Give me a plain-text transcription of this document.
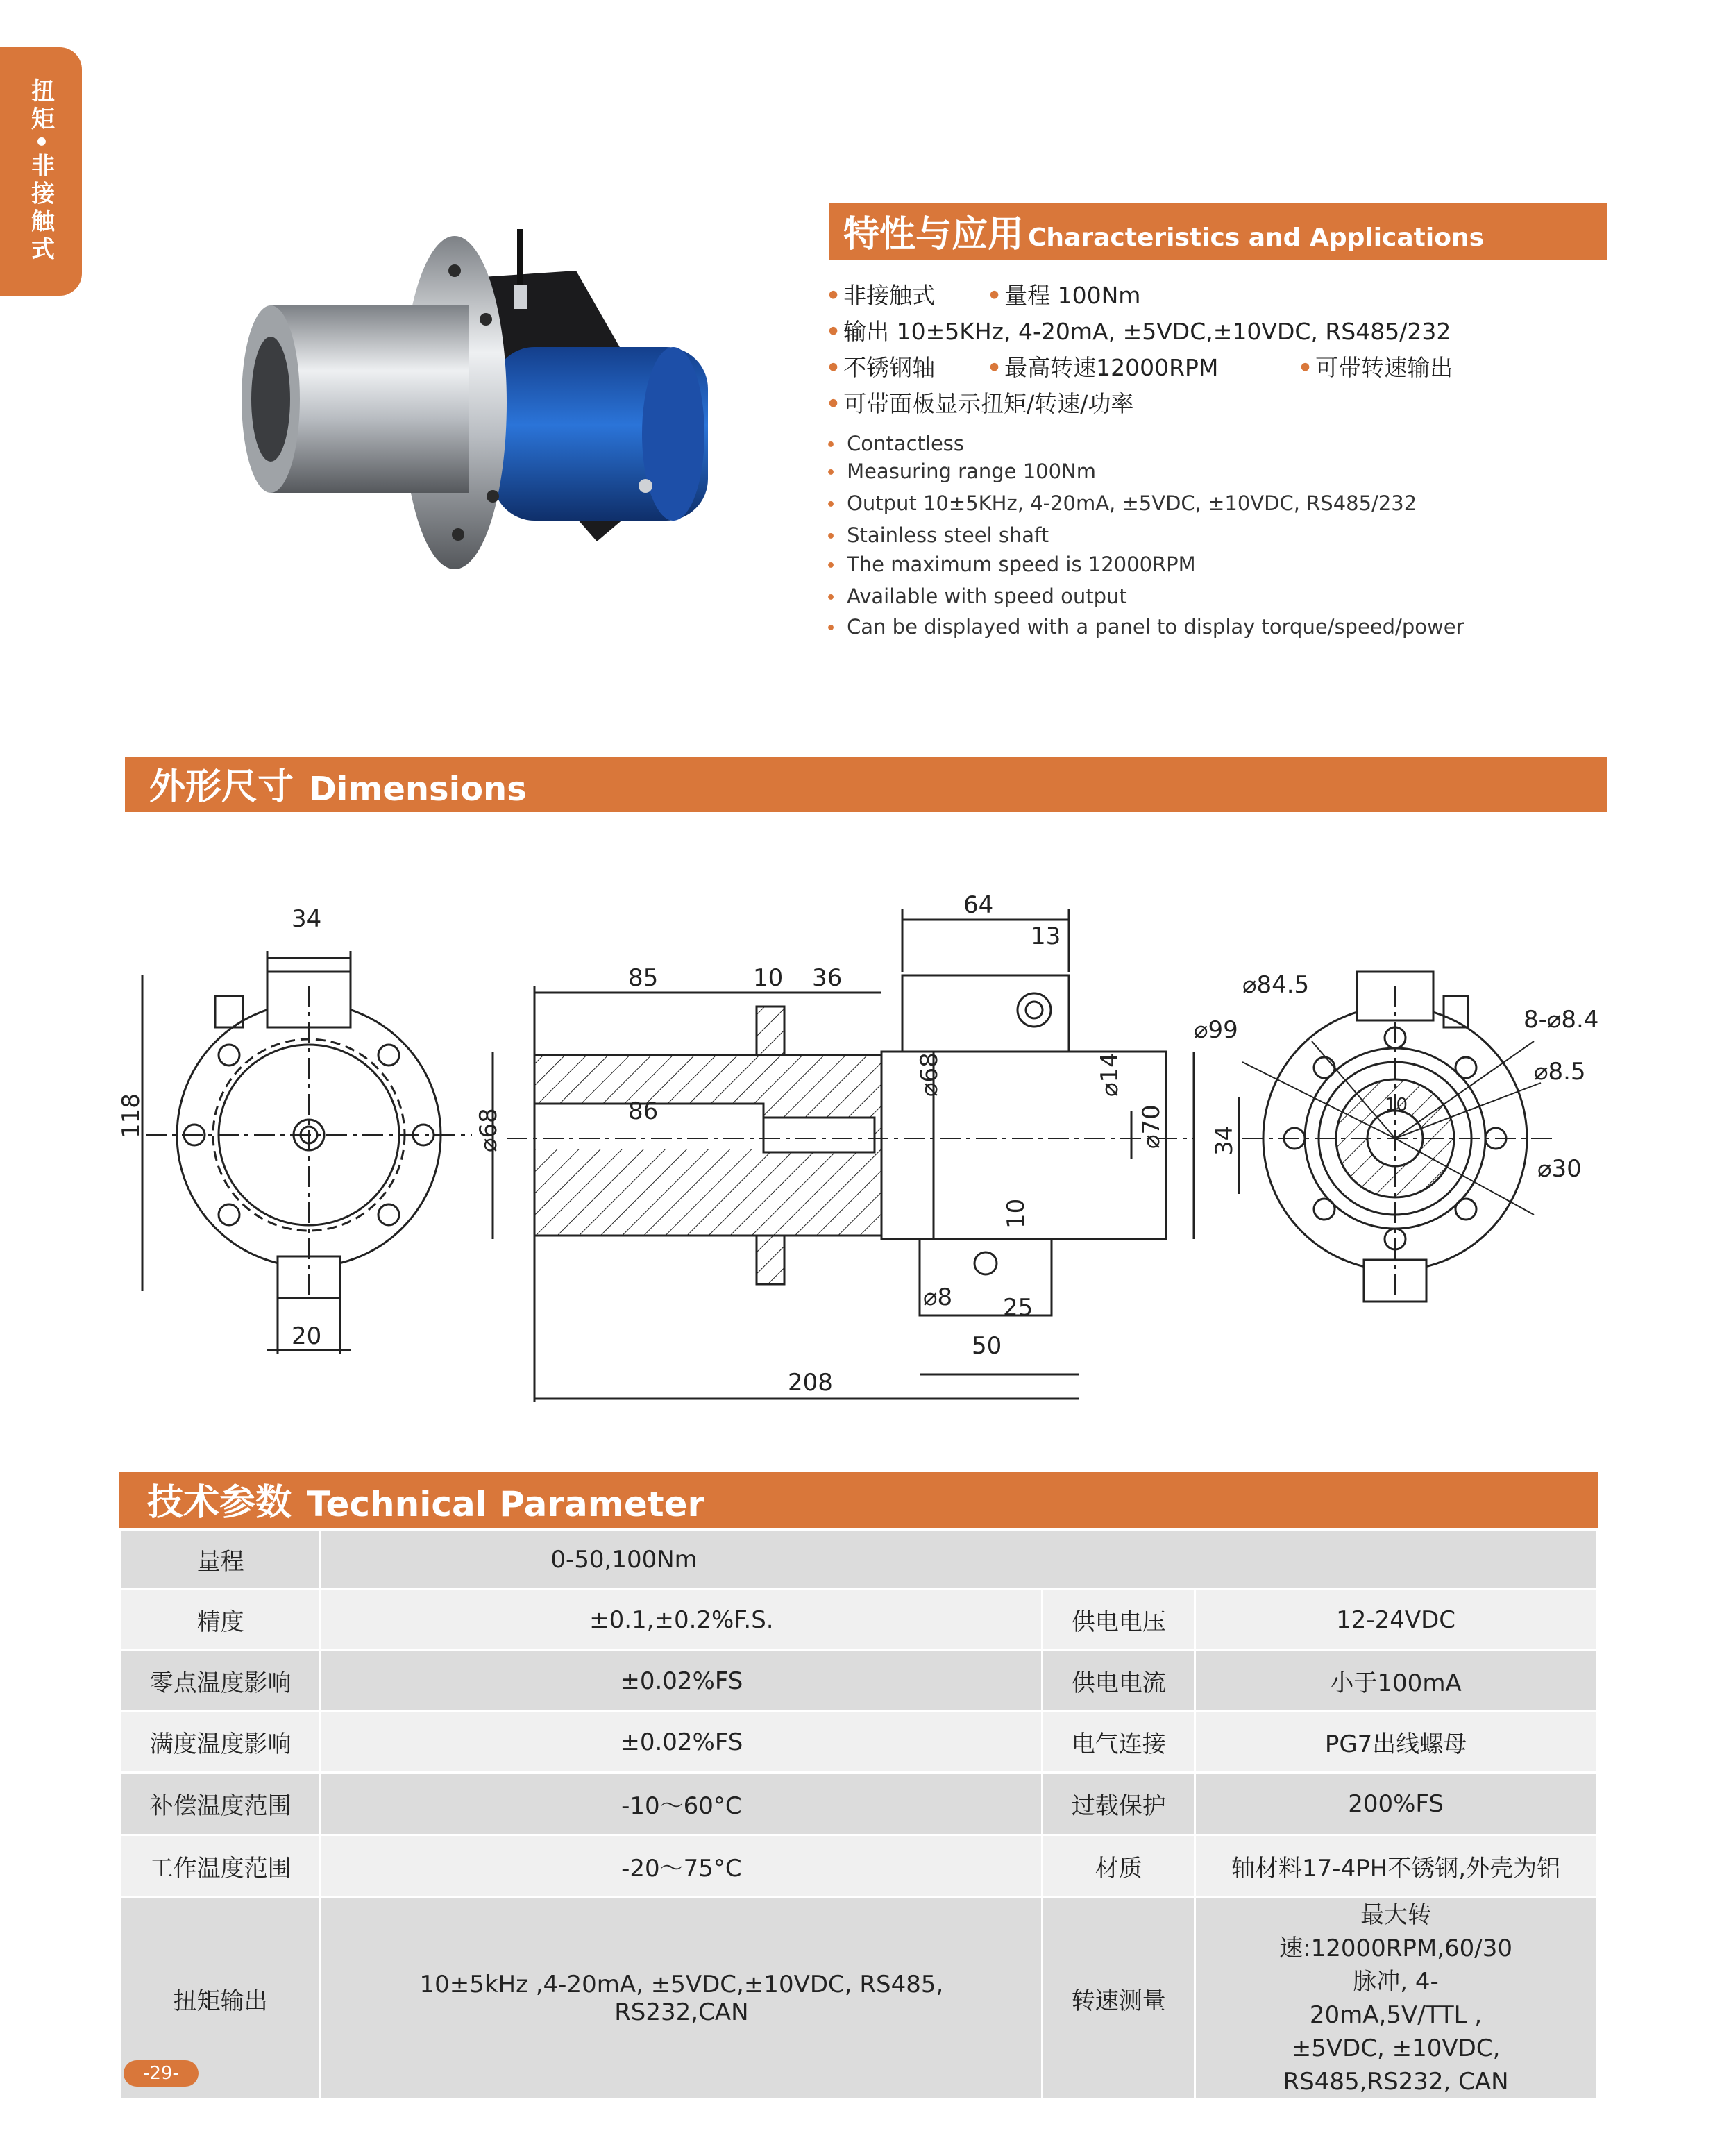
扭矩•非接触式	特性与应用 Characteristics and Applications
• 非接触式 • 量程 100Nm
• 输出 10±5KHz, 4-20mA, ±5VDC,±10VDC, RS485/232
• 不锈钢轴 • 最高转速12000RPM	• 可带转速输出
• 可带面板显示扭矩/转速/功率
• Contactless
• Measuring range 100Nm
• Output 10±5KHz, 4-20mA, ±5VDC, ±10VDC, RS485/232
• Stainless steel shaft
• The maximum speed is 12000RPM
• Available with speed output
• Can be displayed with a panel to display torque/speed/power
外形尺寸 Dimensions
34
118
20
85	10 36
86
⌀68
64
13
⌀68	⌀14
⌀70
10
⌀8 25
50
208
⌀84.5
⌀99	8-⌀8.4
⌀8.5
34
⌀30
10
技术参数 Technical Parameter
量程	0-50,100Nm		
精度	±0.1,±0.2%F.S.	供电电压	12-24VDC
零点温度影响	±0.02%FS	供电电流	小于100mA
满度温度影响	±0.02%FS	电气连接	PG7出线螺母
补偿温度范围	-10～60°C	过载保护	200%FS
工作温度范围	-20～75°C	材质	轴材料17-4PH不锈钢,外壳为铝
扭矩输出	10±5kHz ,4-20mA, ±5VDC,±10VDC, RS485, RS232,CAN	转速测量	最大转速:12000RPM,60/30脉冲, 4-20mA,5V/TTL , ±5VDC, ±10VDC, RS485,RS232, CAN
-29-
